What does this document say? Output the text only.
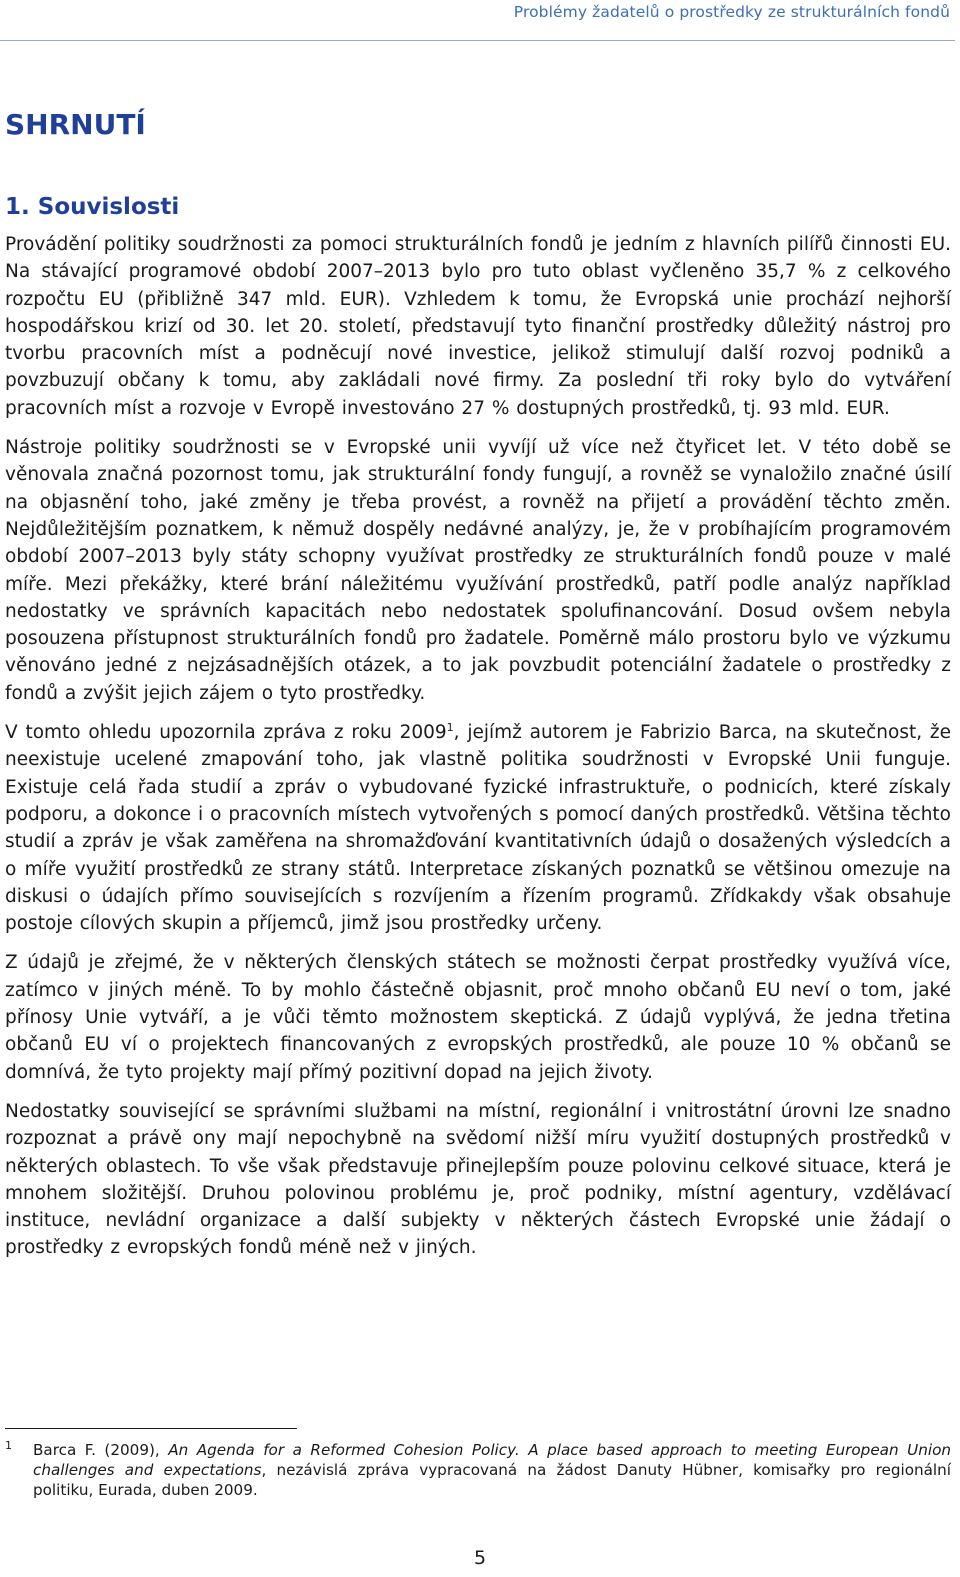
Problémy žadatelů o prostředky ze strukturálních fondů
SHRNUTÍ
1. Souvislosti

Provádění politiky soudržnosti za pomoci strukturálních fondů je jedním z hlavních pilířů činnosti EU. Na stávající programové období 2007–2013 bylo pro tuto oblast vyčleněno 35,7 % z celkového rozpočtu EU (přibližně 347 mld. EUR). Vzhledem k tomu, že Evropská unie prochází nejhorší hospodářskou krizí od 30. let 20. století, představují tyto finanční prostředky důležitý nástroj pro tvorbu pracovních míst a podněcují nové investice, jelikož stimulují další rozvoj podniků a povzbuzují občany k tomu, aby zakládali nové firmy. Za poslední tři roky bylo do vytváření pracovních míst a rozvoje v Evropě investováno 27 % dostupných prostředků, tj. 93 mld. EUR.

Nástroje politiky soudržnosti se v Evropské unii vyvíjí už více než čtyřicet let. V této době se věnovala značná pozornost tomu, jak strukturální fondy fungují, a rovněž se vynaložilo značné úsilí na objasnění toho, jaké změny je třeba provést, a rovněž na přijetí a provádění těchto změn. Nejdůležitějším poznatkem, k němuž dospěly nedávné analýzy, je, že v probíhajícím programovém období 2007–2013 byly státy schopny využívat prostředky ze strukturálních fondů pouze v malé míře. Mezi překážky, které brání náležitému využívání prostředků, patří podle analýz například nedostatky ve správních kapacitách nebo nedostatek spolufinancování. Dosud ovšem nebyla posouzena přístupnost strukturálních fondů pro žadatele. Poměrně málo prostoru bylo ve výzkumu věnováno jedné z nejzásadnějších otázek, a to jak povzbudit potenciální žadatele o prostředky z fondů a zvýšit jejich zájem o tyto prostředky.

V tomto ohledu upozornila zpráva z roku 2009$^1$, jejímž autorem je Fabrizio Barca, na skutečnost, že neexistuje ucelené zmapování toho, jak vlastně politika soudržnosti v Evropské Unii funguje. Existuje celá řada studií a zpráv o vybudované fyzické infrastruktuře, o podnicích, které získaly podporu, a dokonce i o pracovních místech vytvořených s pomocí daných prostředků. Většina těchto studií a zpráv je však zaměřena na shromažďování kvantitativních údajů o dosažených výsledcích a o míře využití prostředků ze strany států. Interpretace získaných poznatků se většinou omezuje na diskusi o údajích přímo souvisejících s rozvíjením a řízením programů. Zřídkakdy však obsahuje postoje cílových skupin a příjemců, jimž jsou prostředky určeny.

Z údajů je zřejmé, že v některých členských státech se možnosti čerpat prostředky využívá více, zatímco v jiných méně. To by mohlo částečně objasnit, proč mnoho občanů EU neví o tom, jaké přínosy Unie vytváří, a je vůči těmto možnostem skeptická. Z údajů vyplývá, že jedna třetina občanů EU ví o projektech financovaných z evropských prostředků, ale pouze 10 % občanů se domnívá, že tyto projekty mají přímý pozitivní dopad na jejich životy.

Nedostatky související se správními službami na místní, regionální i vnitrostátní úrovni lze snadno rozpoznat a právě ony mají nepochybně na svědomí nižší míru využití dostupných prostředků v některých oblastech. To vše však představuje přinejlepším pouze polovinu celkové situace, která je mnohem složitější. Druhou polovinou problému je, proč podniky, místní agentury, vzdělávací instituce, nevládní organizace a další subjekty v některých částech Evropské unie žádají o prostředky z evropských fondů méně než v jiných.

1 Barca F. (2009), An Agenda for a Reformed Cohesion Policy. A place based approach to meeting European Union challenges and expectations, nezávislá zpráva vypracovaná na žádost Danuty Hübner, komisařky pro regionální politiku, Eurada, duben 2009.
5
